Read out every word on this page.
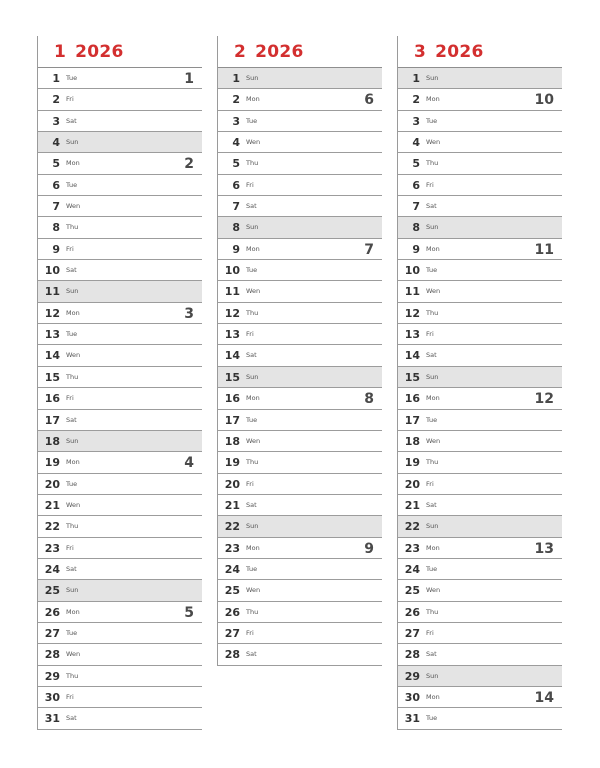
1 2026
1 Tue	1
2 Fri
3 Sat
4 Sun
5 Mon	2
6 Tue
7 Wen
8 Thu
9 Fri
10 Sat
11 Sun
12 Mon	3
13 Tue
14 Wen
15 Thu
16 Fri
17 Sat
18 Sun
19 Mon	4
20 Tue
21 Wen
22 Thu
23 Fri
24 Sat
25 Sun
26 Mon	5
27 Tue
28 Wen
29 Thu
30 Fri
31 Sat
2 2026
1 Sun
2 Mon	6
3 Tue
4 Wen
5 Thu
6 Fri
7 Sat
8 Sun
9 Mon	7
10 Tue
11 Wen
12 Thu
13 Fri
14 Sat
15 Sun
16 Mon	8
17 Tue
18 Wen
19 Thu
20 Fri
21 Sat
22 Sun
23 Mon	9
24 Tue
25 Wen
26 Thu
27 Fri
28 Sat
3 2026
1 Sun
2 Mon	10
3 Tue
4 Wen
5 Thu
6 Fri
7 Sat
8 Sun
9 Mon	11
10 Tue
11 Wen
12 Thu
13 Fri
14 Sat
15 Sun
16 Mon	12
17 Tue
18 Wen
19 Thu
20 Fri
21 Sat
22 Sun
23 Mon	13
24 Tue
25 Wen
26 Thu
27 Fri
28 Sat
29 Sun
30 Mon	14
31 Tue
